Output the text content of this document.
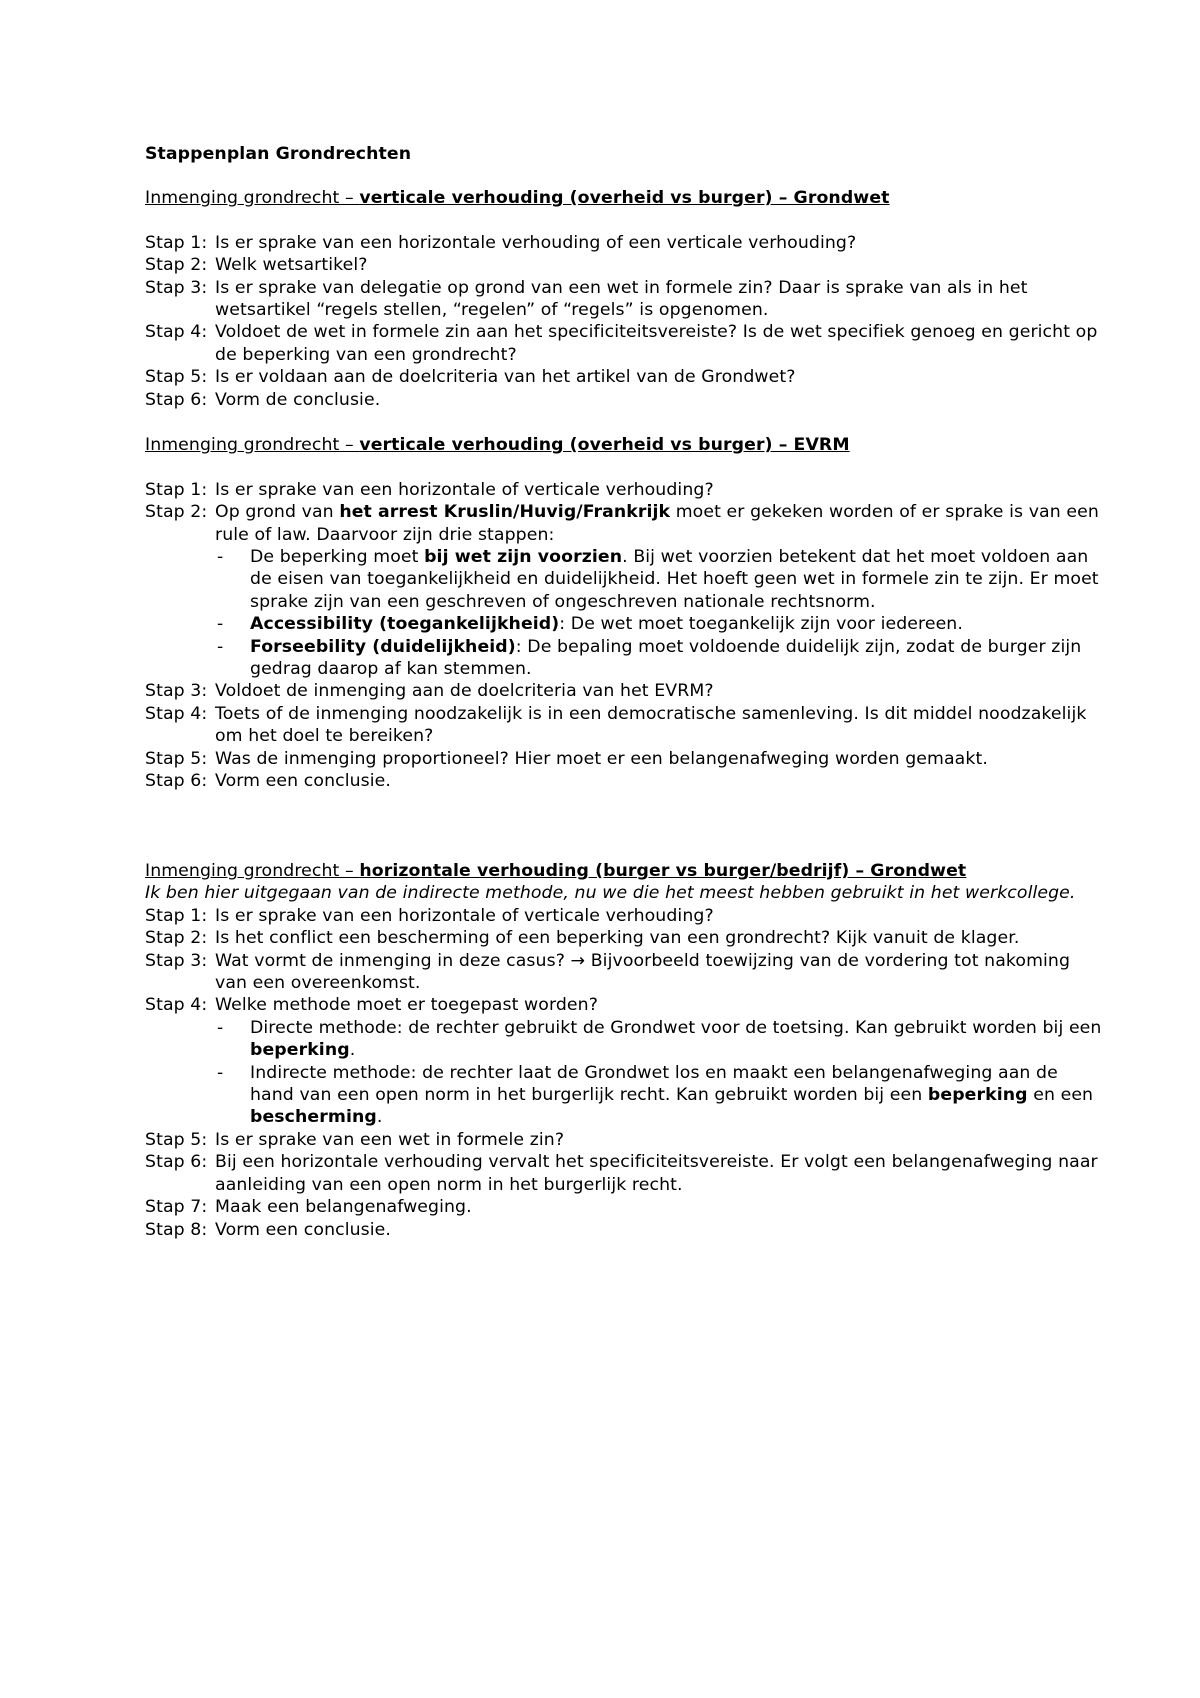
Stappenplan Grondrechten
Inmenging grondrecht – verticale verhouding (overheid vs burger) – Grondwet
Stap 1: Is er sprake van een horizontale verhouding of een verticale verhouding?
Stap 2: Welk wetsartikel?
Stap 3: Is er sprake van delegatie op grond van een wet in formele zin? Daar is sprake van als in het wetsartikel “regels stellen, “regelen” of “regels” is opgenomen.
Stap 4: Voldoet de wet in formele zin aan het specificiteitsvereiste? Is de wet specifiek genoeg en gericht op de beperking van een grondrecht?
Stap 5: Is er voldaan aan de doelcriteria van het artikel van de Grondwet?
Stap 6: Vorm de conclusie.
Inmenging grondrecht – verticale verhouding (overheid vs burger) – EVRM
Stap 1: Is er sprake van een horizontale of verticale verhouding?
Stap 2: Op grond van het arrest Kruslin/Huvig/Frankrijk moet er gekeken worden of er sprake is van een rule of law. Daarvoor zijn drie stappen:
-	De beperking moet bij wet zijn voorzien. Bij wet voorzien betekent dat het moet voldoen aan de eisen van toegankelijkheid en duidelijkheid. Het hoeft geen wet in formele zin te zijn. Er moet sprake zijn van een geschreven of ongeschreven nationale rechtsnorm.
-	Accessibility (toegankelijkheid): De wet moet toegankelijk zijn voor iedereen.
-	Forseebility (duidelijkheid): De bepaling moet voldoende duidelijk zijn, zodat de burger zijn gedrag daarop af kan stemmen.
Stap 3: Voldoet de inmenging aan de doelcriteria van het EVRM?
Stap 4: Toets of de inmenging noodzakelijk is in een democratische samenleving. Is dit middel noodzakelijk om het doel te bereiken?
Stap 5: Was de inmenging proportioneel? Hier moet er een belangenafweging worden gemaakt.
Stap 6: Vorm een conclusie.
Inmenging grondrecht – horizontale verhouding (burger vs burger/bedrijf) – Grondwet
Ik ben hier uitgegaan van de indirecte methode, nu we die het meest hebben gebruikt in het werkcollege.
Stap 1: Is er sprake van een horizontale of verticale verhouding?
Stap 2: Is het conflict een bescherming of een beperking van een grondrecht? Kijk vanuit de klager.
Stap 3: Wat vormt de inmenging in deze casus? → Bijvoorbeeld toewijzing van de vordering tot nakoming van een overeenkomst.
Stap 4: Welke methode moet er toegepast worden?
-	Directe methode: de rechter gebruikt de Grondwet voor de toetsing. Kan gebruikt worden bij een beperking.
-	Indirecte methode: de rechter laat de Grondwet los en maakt een belangenafweging aan de hand van een open norm in het burgerlijk recht. Kan gebruikt worden bij een beperking en een bescherming.
Stap 5: Is er sprake van een wet in formele zin?
Stap 6: Bij een horizontale verhouding vervalt het specificiteitsvereiste. Er volgt een belangenafweging naar aanleiding van een open norm in het burgerlijk recht.
Stap 7: Maak een belangenafweging.
Stap 8: Vorm een conclusie.
